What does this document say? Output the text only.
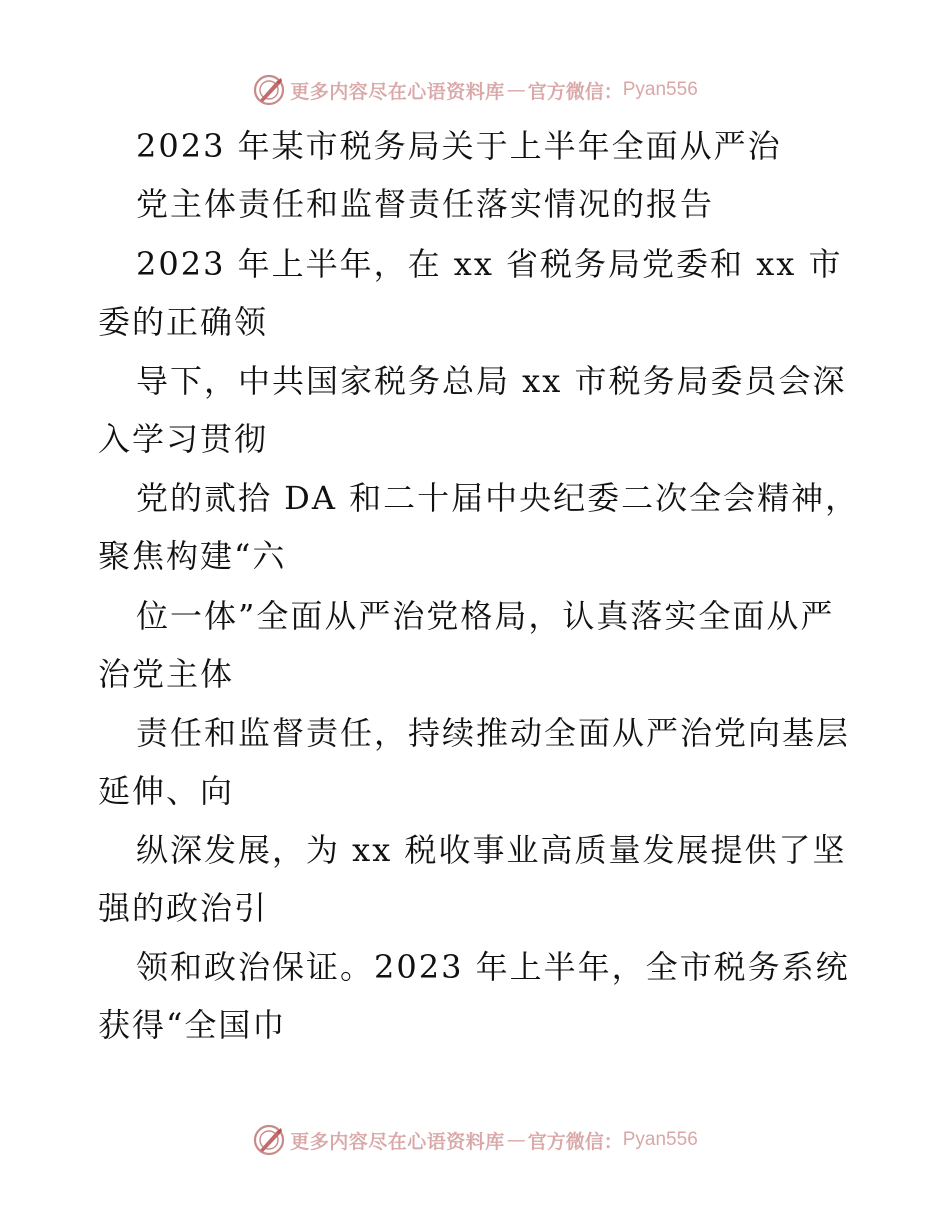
更多内容尽在心语资料库 — 官方微信： Pyan556
2023 年某市税务局关于上半年全面从严治
党主体责任和监督责任落实情况的报告
2023 年上半年，在 xx 省税务局党委和 xx 市
委的正确领
导下，中共国家税务总局 xx 市税务局委员会深
入学习贯彻
党的贰拾 DA 和二十届中央纪委二次全会精神，
聚焦构建“六
位一体”全面从严治党格局，认真落实全面从严
治党主体
责任和监督责任，持续推动全面从严治党向基层
延伸、向
纵深发展，为 xx 税收事业高质量发展提供了坚
强的政治引
领和政治保证。2023 年上半年，全市税务系统
获得“全国巾
更多内容尽在心语资料库 — 官方微信： Pyan556
